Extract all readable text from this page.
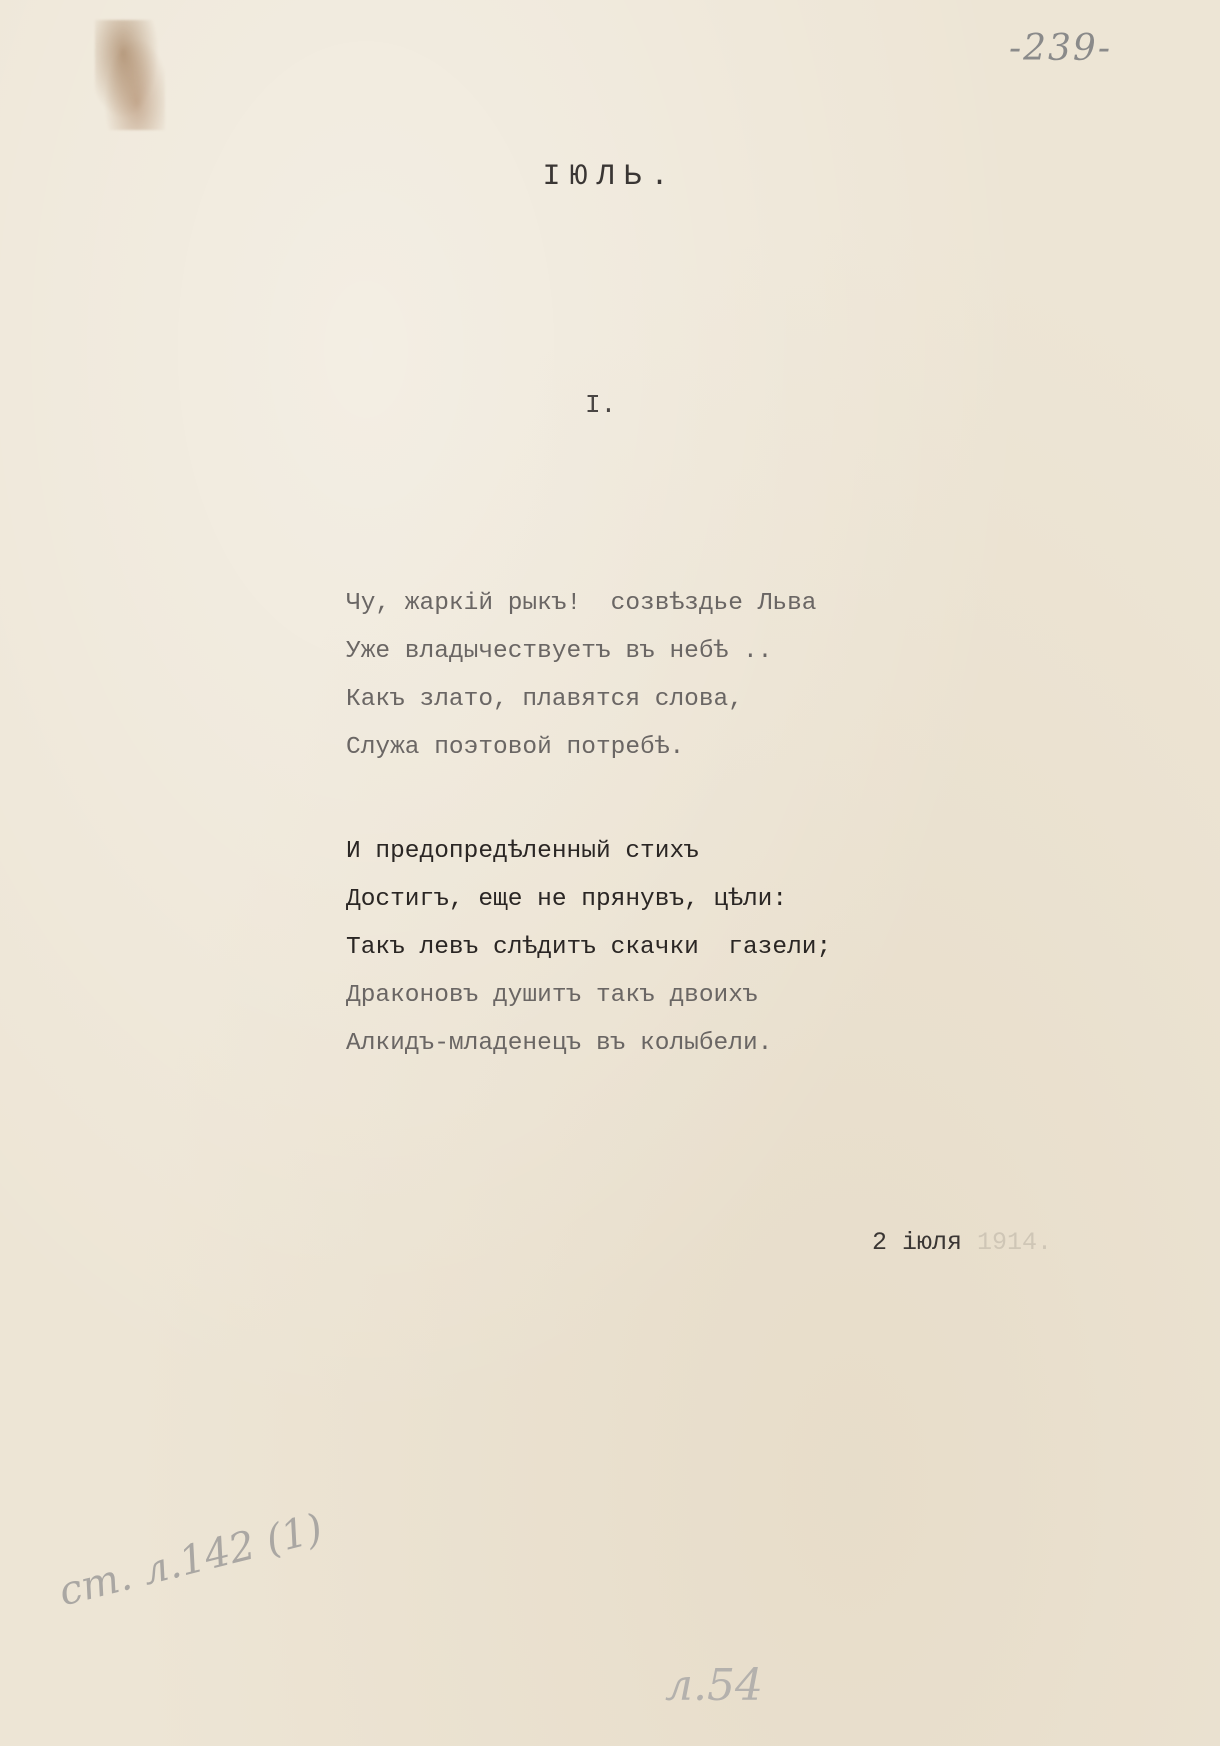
-239-
IЮЛЬ.
I.
Чу, жаркiй рыкъ!  созвѣздье Льва
Уже владычествуетъ въ небѣ ..
Какъ злато, плавятся слова,
Служа поэтовой потребѣ.
И предопредѣленный стихъ
Достигъ, еще не прянувъ, цѣли:
Такъ левъ слѣдитъ скачки  газели;
Драконовъ душитъ такъ двоихъ
Алкидъ-младенецъ въ колыбели.
2 iюля 1914.
ст. л.142 (1)
л.54
